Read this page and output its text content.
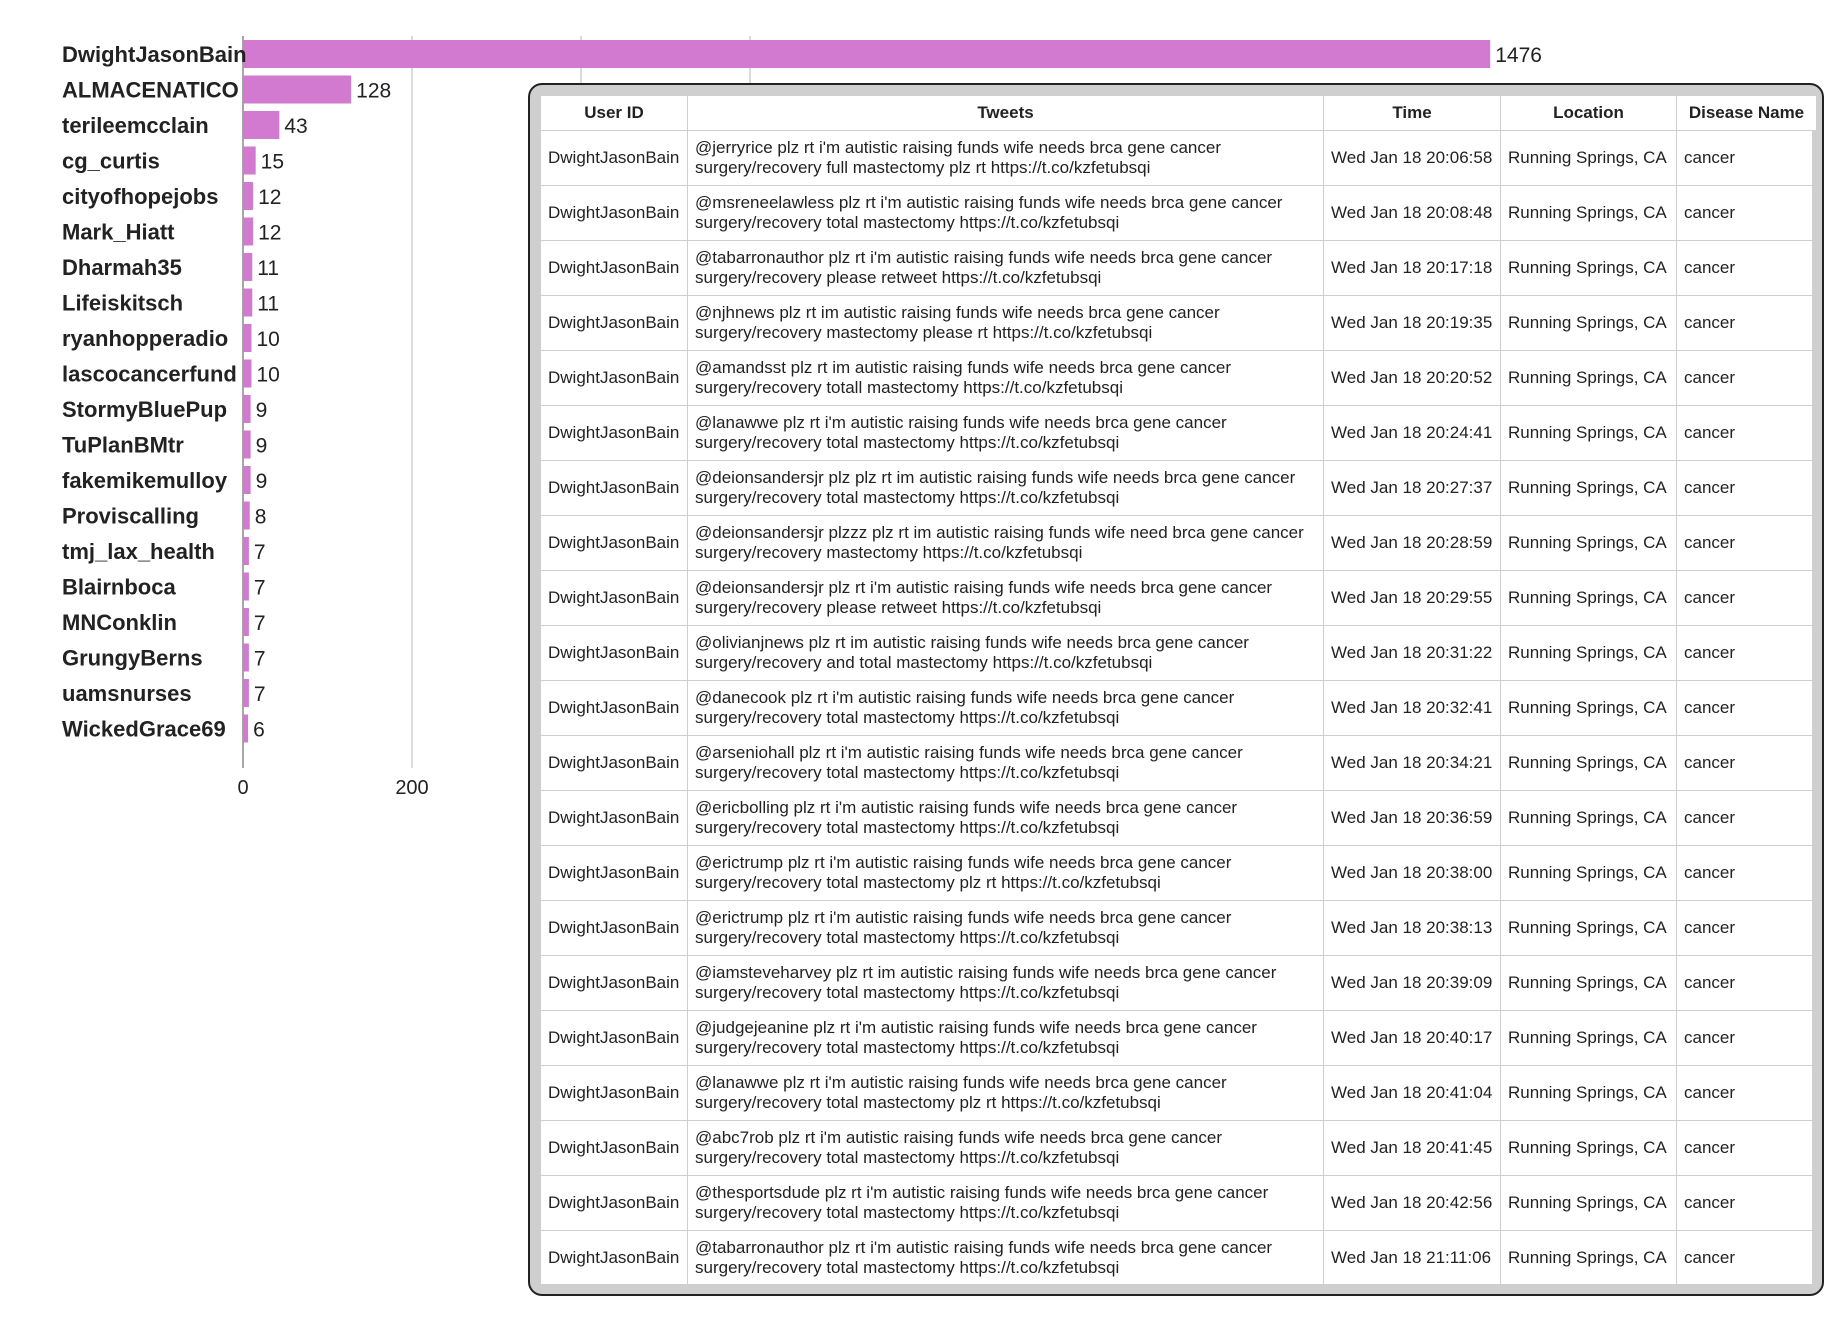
DwightJasonBain	1476
ALMACENATICO	128
terileemcclain	43
cg_curtis	15
cityofhopejobs 12
Mark_Hiatt	12
Dharmah35	11
Lifeiskitsch	11
ryanhopperadio 10
lascocancerfund 10
StormyBluePup 9
TuPlanBMtr	9
fakemikemulloy 9
Proviscalling	8
tmj_lax_health 7
Blairnboca	7
MNConklin	7
GrungyBerns 7
uamsnurses	7
WickedGrace69 6
0	200
User ID	Tweets	Time	Location	Disease Name
DwightJasonBain	@jerryrice plz rt i'm autistic raising funds wife needs brca gene cancer surgery/recovery full mastectomy plz rt https://t.co/kzfetubsqi	Wed Jan 18 20:06:58	Running Springs, CA	cancer
DwightJasonBain	@msreneelawless plz rt i'm autistic raising funds wife needs brca gene cancer surgery/recovery total mastectomy https://t.co/kzfetubsqi	Wed Jan 18 20:08:48	Running Springs, CA	cancer
DwightJasonBain	@tabarronauthor plz rt i'm autistic raising funds wife needs brca gene cancer surgery/recovery please retweet https://t.co/kzfetubsqi	Wed Jan 18 20:17:18	Running Springs, CA	cancer
DwightJasonBain	@njhnews plz rt im autistic raising funds wife needs brca gene cancer surgery/recovery mastectomy please rt https://t.co/kzfetubsqi	Wed Jan 18 20:19:35	Running Springs, CA	cancer
DwightJasonBain	@amandsst plz rt im autistic raising funds wife needs brca gene cancer surgery/recovery totall mastectomy https://t.co/kzfetubsqi	Wed Jan 18 20:20:52	Running Springs, CA	cancer
DwightJasonBain	@lanawwe plz rt i'm autistic raising funds wife needs brca gene cancer surgery/recovery total mastectomy https://t.co/kzfetubsqi	Wed Jan 18 20:24:41	Running Springs, CA	cancer
DwightJasonBain	@deionsandersjr plz plz rt im autistic raising funds wife needs brca gene cancer surgery/recovery total mastectomy https://t.co/kzfetubsqi	Wed Jan 18 20:27:37	Running Springs, CA	cancer
DwightJasonBain	@deionsandersjr plzzz plz rt im autistic raising funds wife need brca gene cancer surgery/recovery mastectomy https://t.co/kzfetubsqi	Wed Jan 18 20:28:59	Running Springs, CA	cancer
DwightJasonBain	@deionsandersjr plz rt i'm autistic raising funds wife needs brca gene cancer surgery/recovery please retweet https://t.co/kzfetubsqi	Wed Jan 18 20:29:55	Running Springs, CA	cancer
DwightJasonBain	@olivianjnews plz rt im autistic raising funds wife needs brca gene cancer surgery/recovery and total mastectomy https://t.co/kzfetubsqi	Wed Jan 18 20:31:22	Running Springs, CA	cancer
DwightJasonBain	@danecook plz rt i'm autistic raising funds wife needs brca gene cancer surgery/recovery total mastectomy https://t.co/kzfetubsqi	Wed Jan 18 20:32:41	Running Springs, CA	cancer
DwightJasonBain	@arseniohall plz rt i'm autistic raising funds wife needs brca gene cancer surgery/recovery total mastectomy https://t.co/kzfetubsqi	Wed Jan 18 20:34:21	Running Springs, CA	cancer
DwightJasonBain	@ericbolling plz rt i'm autistic raising funds wife needs brca gene cancer surgery/recovery total mastectomy https://t.co/kzfetubsqi	Wed Jan 18 20:36:59	Running Springs, CA	cancer
DwightJasonBain	@erictrump plz rt i'm autistic raising funds wife needs brca gene cancer surgery/recovery total mastectomy plz rt https://t.co/kzfetubsqi	Wed Jan 18 20:38:00	Running Springs, CA	cancer
DwightJasonBain	@erictrump plz rt i'm autistic raising funds wife needs brca gene cancer surgery/recovery total mastectomy https://t.co/kzfetubsqi	Wed Jan 18 20:38:13	Running Springs, CA	cancer
DwightJasonBain	@iamsteveharvey plz rt im autistic raising funds wife needs brca gene cancer surgery/recovery total mastectomy https://t.co/kzfetubsqi	Wed Jan 18 20:39:09	Running Springs, CA	cancer
DwightJasonBain	@judgejeanine plz rt i'm autistic raising funds wife needs brca gene cancer surgery/recovery total mastectomy https://t.co/kzfetubsqi	Wed Jan 18 20:40:17	Running Springs, CA	cancer
DwightJasonBain	@lanawwe plz rt i'm autistic raising funds wife needs brca gene cancer surgery/recovery total mastectomy plz rt https://t.co/kzfetubsqi	Wed Jan 18 20:41:04	Running Springs, CA	cancer
DwightJasonBain	@abc7rob plz rt i'm autistic raising funds wife needs brca gene cancer surgery/recovery total mastectomy https://t.co/kzfetubsqi	Wed Jan 18 20:41:45	Running Springs, CA	cancer
DwightJasonBain	@thesportsdude plz rt i'm autistic raising funds wife needs brca gene cancer surgery/recovery total mastectomy https://t.co/kzfetubsqi	Wed Jan 18 20:42:56	Running Springs, CA	cancer
DwightJasonBain	@tabarronauthor plz rt i'm autistic raising funds wife needs brca gene cancer surgery/recovery total mastectomy https://t.co/kzfetubsqi	Wed Jan 18 21:11:06	Running Springs, CA	cancer
